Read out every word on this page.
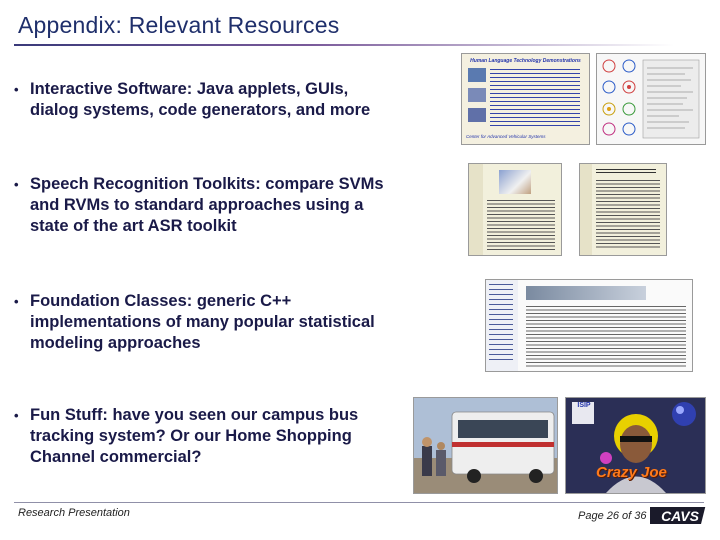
Appendix: Relevant Resources
• Interactive Software: Java applets, GUIs, dialog systems, code generators, and more
• Speech Recognition Toolkits: compare SVMs and RVMs to standard approaches using a state of the art ASR toolkit
• Foundation Classes: generic C++ implementations of many popular statistical modeling approaches
• Fun Stuff: have you seen our campus bus tracking system? Or our Home Shopping Channel commercial?
Human Language Technology Demonstrations
Center for Advanced Vehicular Systems
ISIP
Crazy Joe
Research Presentation	Page 26 of 36 CAVS
